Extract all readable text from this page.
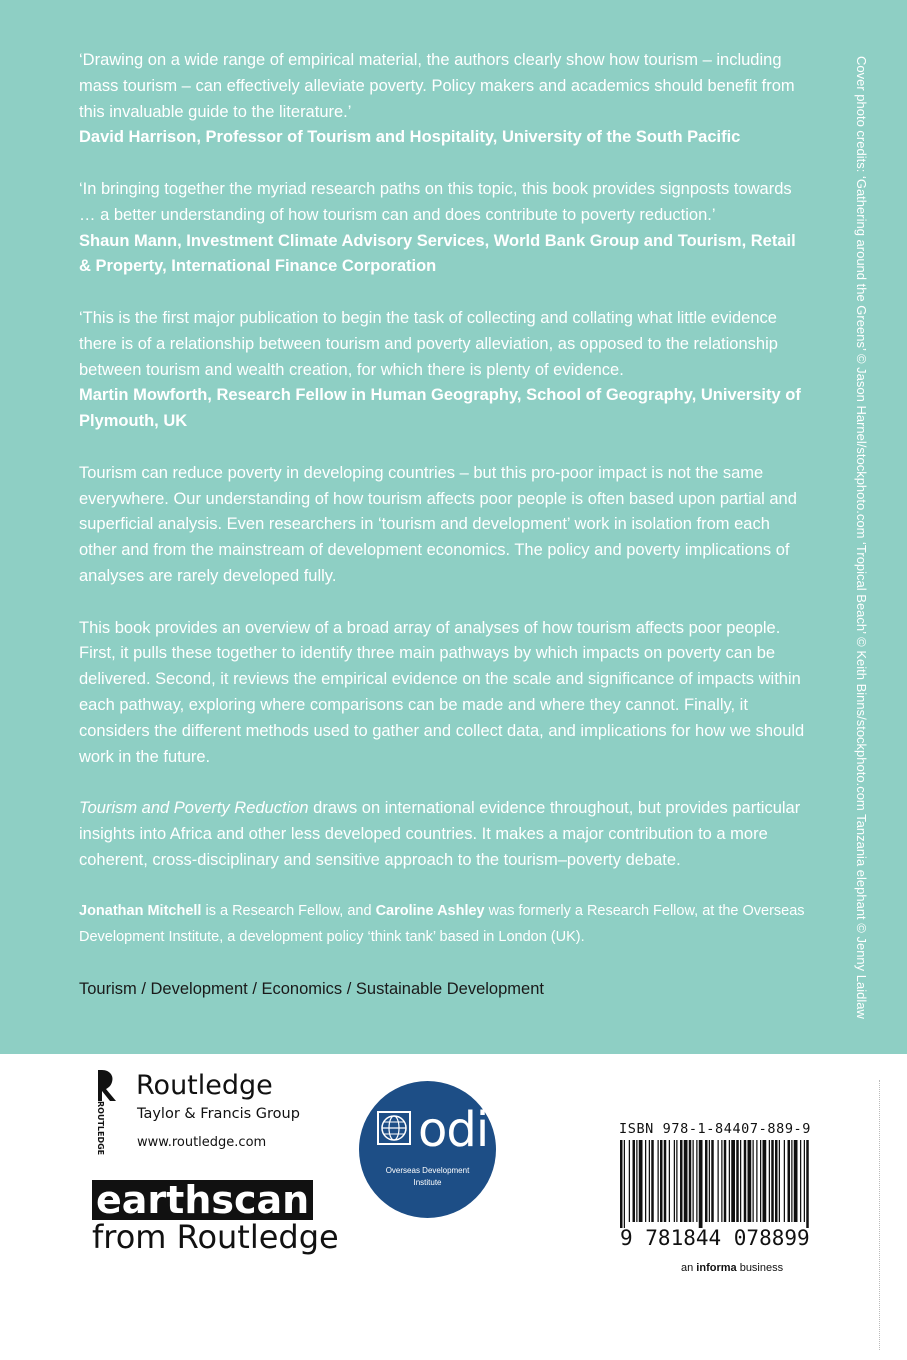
‘Drawing on a wide range of empirical material, the authors clearly show how tourism – including mass tourism – can effectively alleviate poverty. Policy makers and academics should benefit from this invaluable guide to the literature.’
David Harrison, Professor of Tourism and Hospitality, University of the South Pacific

‘In bringing together the myriad research paths on this topic, this book provides signposts towards … a better understanding of how tourism can and does contribute to poverty reduction.’
Shaun Mann, Investment Climate Advisory Services, World Bank Group and Tourism, Retail & Property, International Finance Corporation

‘This is the first major publication to begin the task of collecting and collating what little evidence there is of a relationship between tourism and poverty alleviation, as opposed to the relationship between tourism and wealth creation, for which there is plenty of evidence.
Martin Mowforth, Research Fellow in Human Geography, School of Geography, University of Plymouth, UK

Tourism can reduce poverty in developing countries – but this pro-poor impact is not the same everywhere. Our understanding of how tourism affects poor people is often based upon partial and superficial analysis. Even researchers in ‘tourism and development’ work in isolation from each other and from the mainstream of development economics. The policy and poverty implications of analyses are rarely developed fully.

This book provides an overview of a broad array of analyses of how tourism affects poor people. First, it pulls these together to identify three main pathways by which impacts on poverty can be delivered. Second, it reviews the empirical evidence on the scale and significance of impacts within each pathway, exploring where comparisons can be made and where they cannot. Finally, it considers the different methods used to gather and collect data, and implications for how we should work in the future.

Tourism and Poverty Reduction draws on international evidence throughout, but provides particular insights into Africa and other less developed countries. It makes a major contribution to a more coherent, cross-disciplinary and sensitive approach to the tourism–poverty debate.

Jonathan Mitchell is a Research Fellow, and Caroline Ashley was formerly a Research Fellow, at the Overseas Development Institute, a development policy ‘think tank’ based in London (UK).

Tourism / Development / Economics / Sustainable Development	Cover photo credits: ‘Gathering around the Greens’ © Jason Harnel/stockphoto.com ‘Tropical Beach’ © Keith Binns/stockphoto.com Tanzania elephant © Jenny Laidlaw
ROUTLEDGE
Routledge
Taylor & Francis Group
www.routledge.com
earthscan
from Routledge
odi
Overseas Development
Institute
ISBN 978-1-84407-889-9
9 781844 078899
an informa business
